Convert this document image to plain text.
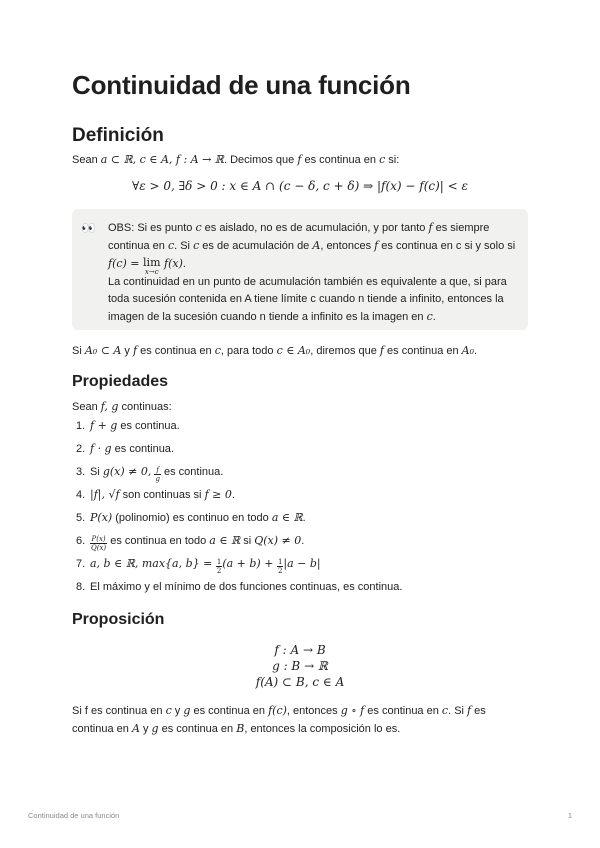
Continuidad de una función
Definición
Sean a ⊂ ℝ, c ∈ A, f : A → ℝ. Decimos que f es continua en c si:
∀ε > 0, ∃δ > 0 : x ∈ A ∩ (c − δ, c + δ) ⇒ |f(x) − f(c)| < ε
👀 OBS: Si es punto c es aislado, no es de acumulación, y por tanto f es siempre
continua en c. Si c es de acumulación de A, entonces f es continua en c si y solo si
f(c) = lim
x→c
f(x).
La continuidad en un punto de acumulación también es equivalente a que, si para
toda sucesión contenida en A tiene límite c cuando n tiende a infinito, entonces la
imagen de la sucesión cuando n tiende a infinito es la imagen en c.
Si A₀ ⊂ A y f es continua en c, para todo c ∈ A₀, diremos que f es continua en A₀.
Propiedades
Sean f, g continuas:
1. f + g es continua.
2. f · g es continua.
3. Si g(x) ≠ 0, $\frac{f}{g}$ es continua.
4. |f|, √f son continuas si f ≥ 0.
5. P(x) (polinomio) es continuo en todo a ∈ ℝ.
6. $\frac{P(x)}{Q(x)}$ es continua en todo a ∈ ℝ si Q(x) ≠ 0.
7. a, b ∈ ℝ, max{a, $b\} = \frac{1}{2} (a + b) + \frac{1}{2} |a - b|$
8. El máximo y el mínimo de dos funciones continuas, es continua.
Proposición
f : A → B
g : B → ℝ
f(A) ⊂ B, c ∈ A
Si f es continua en c y g es continua en f(c), entonces g ∘ f es continua en c. Si f es
continua en A y g es continua en B, entonces la composición lo es.
Continuidad de una función	1
